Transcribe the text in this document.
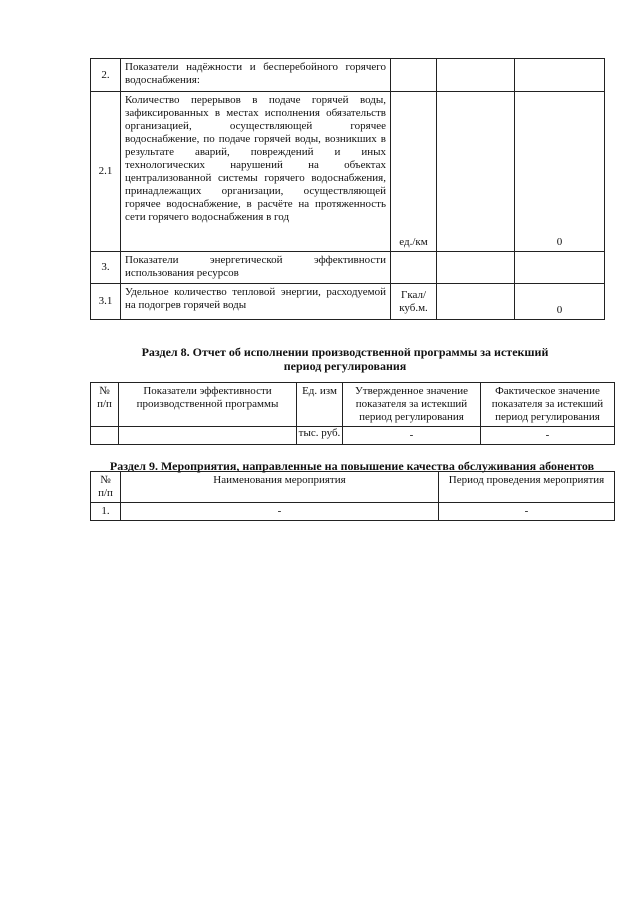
2.	Показатели надёжности и бесперебойного горячего водоснабжения:			
2.1	Количество перерывов в подаче горячей воды, зафиксированных в местах исполнения обязательств организацией, осуществляющей горячее водоснабжение, по подаче горячей воды, возникших в результате аварий, повреждений и иных технологических нарушений на объектах централизованной системы горячего водоснабжения, принадлежащих организации, осуществляющей горячее водоснабжение, в расчёте на протяженность сети горячего водоснабжения в год	ед./км		0
3.	Показатели энергетической эффективности использования ресурсов			
3.1	Удельное количество тепловой энергии, расходуемой на подогрев горячей воды	Гкал/ куб.м.		0
Раздел 8. Отчет об исполнении производственной программы за истекший период регулирования
№ п/п	Показатели эффективности производственной программы	Ед. изм	Утвержденное значение показателя за истекший период регулирования	Фактическое значение показателя за истекший период регулирования
		тыс. руб.	-	-
Раздел 9. Мероприятия, направленные на повышение качества обслуживания абонентов
№ п/п	Наименования мероприятия	Период проведения мероприятия
1.	-	-
